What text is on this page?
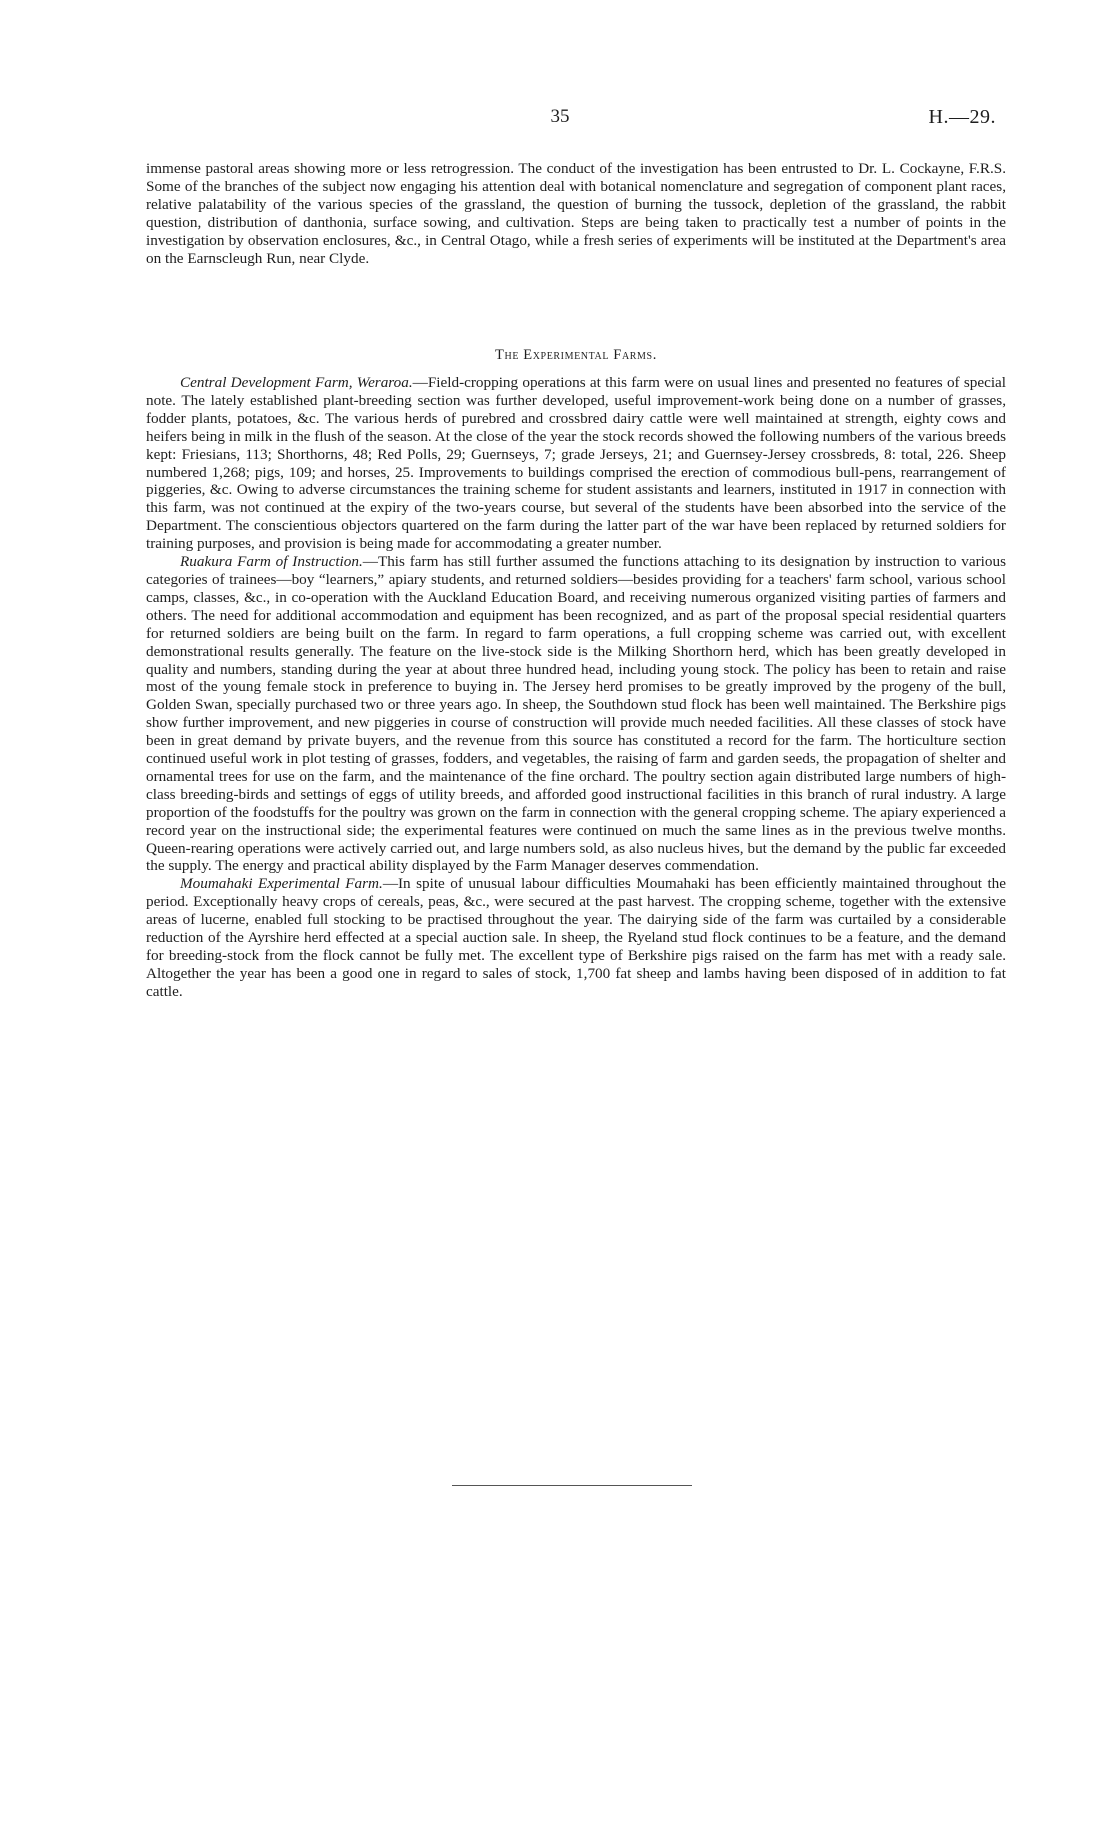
35	H.—29.

immense pastoral areas showing more or less retrogression. The conduct of the investigation has been entrusted to Dr. L. Cockayne, F.R.S. Some of the branches of the subject now engaging his attention deal with botanical nomenclature and segregation of component plant races, relative palatability of the various species of the grassland, the question of burning the tussock, depletion of the grassland, the rabbit question, distribution of danthonia, surface sowing, and cultivation. Steps are being taken to practically test a number of points in the investigation by observation enclosures, &c., in Central Otago, while a fresh series of experiments will be instituted at the Department's area on the Earnscleugh Run, near Clyde.

The Experimental Farms.

Central Development Farm, Weraroa.—Field-cropping operations at this farm were on usual lines and presented no features of special note. The lately established plant-breeding section was further developed, useful improvement-work being done on a number of grasses, fodder plants, potatoes, &c. The various herds of purebred and crossbred dairy cattle were well maintained at strength, eighty cows and heifers being in milk in the flush of the season. At the close of the year the stock records showed the following numbers of the various breeds kept: Friesians, 113; Shorthorns, 48; Red Polls, 29; Guernseys, 7; grade Jerseys, 21; and Guernsey-Jersey crossbreds, 8: total, 226. Sheep numbered 1,268; pigs, 109; and horses, 25. Improvements to buildings comprised the erection of commodious bull-pens, rearrangement of piggeries, &c. Owing to adverse circumstances the training scheme for student assistants and learners, instituted in 1917 in connection with this farm, was not continued at the expiry of the two-years course, but several of the students have been absorbed into the service of the Department. The conscientious objectors quartered on the farm during the latter part of the war have been replaced by returned soldiers for training purposes, and provision is being made for accommodating a greater number.

Ruakura Farm of Instruction.—This farm has still further assumed the functions attaching to its designation by instruction to various categories of trainees—boy “learners,” apiary students, and returned soldiers—besides providing for a teachers' farm school, various school camps, classes, &c., in co-operation with the Auckland Education Board, and receiving numerous organized visiting parties of farmers and others. The need for additional accommodation and equipment has been recognized, and as part of the proposal special residential quarters for returned soldiers are being built on the farm. In regard to farm operations, a full cropping scheme was carried out, with excellent demonstrational results generally. The feature on the live-stock side is the Milking Shorthorn herd, which has been greatly developed in quality and numbers, standing during the year at about three hundred head, including young stock. The policy has been to retain and raise most of the young female stock in preference to buying in. The Jersey herd promises to be greatly improved by the progeny of the bull, Golden Swan, specially purchased two or three years ago. In sheep, the Southdown stud flock has been well maintained. The Berkshire pigs show further improvement, and new piggeries in course of construction will provide much needed facilities. All these classes of stock have been in great demand by private buyers, and the revenue from this source has constituted a record for the farm. The horticulture section continued useful work in plot testing of grasses, fodders, and vegetables, the raising of farm and garden seeds, the propagation of shelter and ornamental trees for use on the farm, and the maintenance of the fine orchard. The poultry section again distributed large numbers of high-class breeding-birds and settings of eggs of utility breeds, and afforded good instructional facilities in this branch of rural industry. A large proportion of the foodstuffs for the poultry was grown on the farm in connection with the general cropping scheme. The apiary experienced a record year on the instructional side; the experimental features were continued on much the same lines as in the previous twelve months. Queen-rearing operations were actively carried out, and large numbers sold, as also nucleus hives, but the demand by the public far exceeded the supply. The energy and practical ability displayed by the Farm Manager deserves commendation.

Moumahaki Experimental Farm.—In spite of unusual labour difficulties Moumahaki has been efficiently maintained throughout the period. Exceptionally heavy crops of cereals, peas, &c., were secured at the past harvest. The cropping scheme, together with the extensive areas of lucerne, enabled full stocking to be practised throughout the year. The dairying side of the farm was curtailed by a considerable reduction of the Ayrshire herd effected at a special auction sale. In sheep, the Ryeland stud flock continues to be a feature, and the demand for breeding-stock from the flock cannot be fully met. The excellent type of Berkshire pigs raised on the farm has met with a ready sale. Altogether the year has been a good one in regard to sales of stock, 1,700 fat sheep and lambs having been disposed of in addition to fat cattle.
